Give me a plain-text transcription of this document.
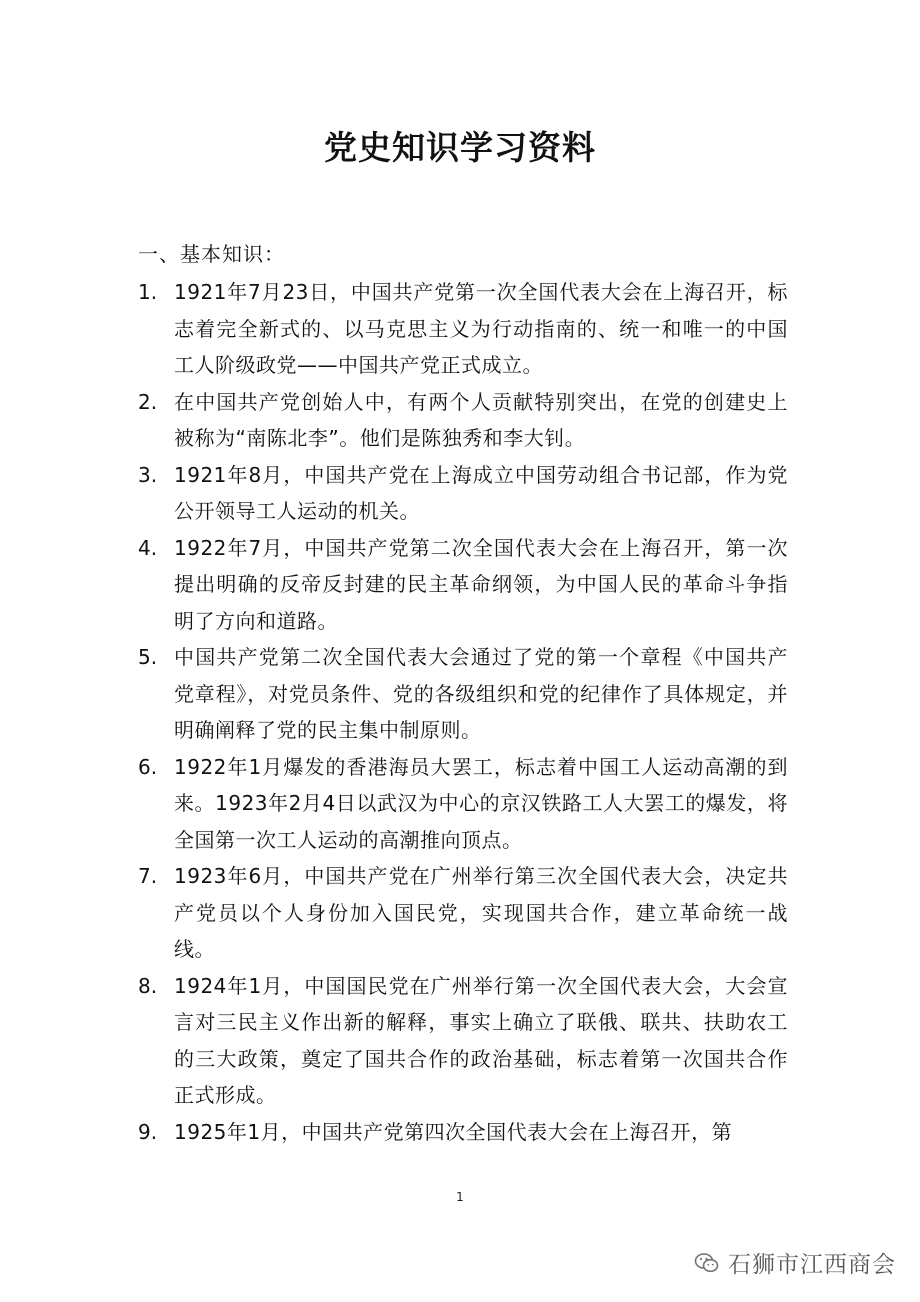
党史知识学习资料
一、基本知识：
1. 1921年7月23日，中国共产党第一次全国代表大会在上海召开，标志着完全新式的、以马克思主义为行动指南的、统一和唯一的中国工人阶级政党——中国共产党正式成立。
2. 在中国共产党创始人中，有两个人贡献特别突出，在党的创建史上被称为“南陈北李”。他们是陈独秀和李大钊。
3. 1921年8月，中国共产党在上海成立中国劳动组合书记部，作为党公开领导工人运动的机关。
4. 1922年7月，中国共产党第二次全国代表大会在上海召开，第一次提出明确的反帝反封建的民主革命纲领，为中国人民的革命斗争指明了方向和道路。
5. 中国共产党第二次全国代表大会通过了党的第一个章程《中国共产党章程》，对党员条件、党的各级组织和党的纪律作了具体规定，并明确阐释了党的民主集中制原则。
6. 1922年1月爆发的香港海员大罢工，标志着中国工人运动高潮的到来。1923年2月4日以武汉为中心的京汉铁路工人大罢工的爆发，将全国第一次工人运动的高潮推向顶点。
7. 1923年6月，中国共产党在广州举行第三次全国代表大会，决定共产党员以个人身份加入国民党，实现国共合作，建立革命统一战线。
8. 1924年1月，中国国民党在广州举行第一次全国代表大会，大会宣言对三民主义作出新的解释，事实上确立了联俄、联共、扶助农工的三大政策，奠定了国共合作的政治基础，标志着第一次国共合作正式形成。
9. 1925年1月，中国共产党第四次全国代表大会在上海召开，第
1
石狮市江西商会
